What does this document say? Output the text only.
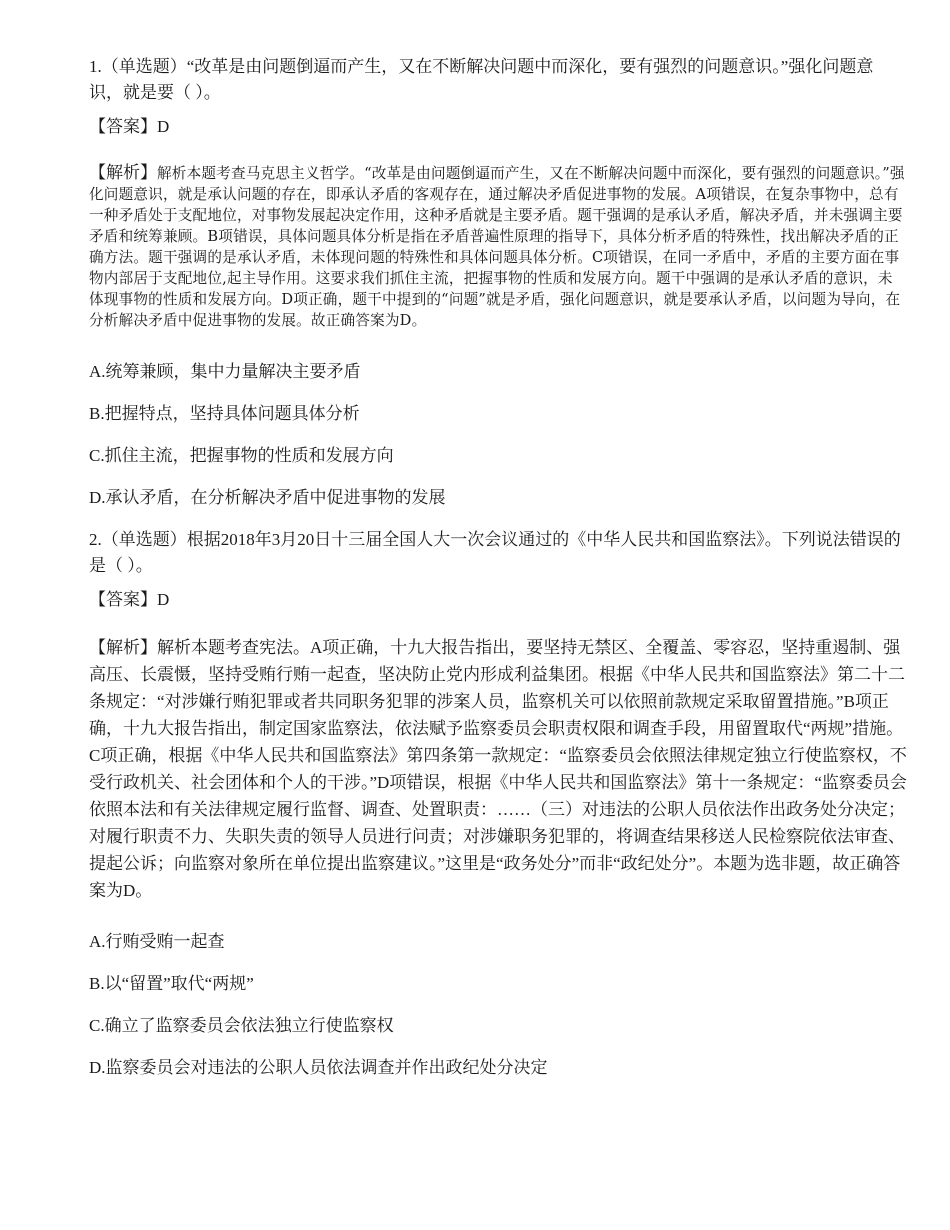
1.（单选题）“改革是由问题倒逼而产生，又在不断解决问题中而深化，要有强烈的问题意识。”强化问题意识，就是要（ ）。

【答案】D

【解析】解析本题考查马克思主义哲学。“改革是由问题倒逼而产生，又在不断解决问题中而深化，要有强烈的问题意识。”强化问题意识，就是承认问题的存在，即承认矛盾的客观存在，通过解决矛盾促进事物的发展。A项错误，在复杂事物中，总有一种矛盾处于支配地位，对事物发展起决定作用，这种矛盾就是主要矛盾。题干强调的是承认矛盾，解决矛盾，并未强调主要矛盾和统筹兼顾。B项错误，具体问题具体分析是指在矛盾普遍性原理的指导下，具体分析矛盾的特殊性，找出解决矛盾的正确方法。题干强调的是承认矛盾，未体现问题的特殊性和具体问题具体分析。C项错误，在同一矛盾中，矛盾的主要方面在事物内部居于支配地位,起主导作用。这要求我们抓住主流，把握事物的性质和发展方向。题干中强调的是承认矛盾的意识，未体现事物的性质和发展方向。D项正确，题干中提到的“问题”就是矛盾，强化问题意识，就是要承认矛盾，以问题为导向，在分析解决矛盾中促进事物的发展。故正确答案为D。

A.统筹兼顾，集中力量解决主要矛盾
B.把握特点，坚持具体问题具体分析
C.抓住主流，把握事物的性质和发展方向
D.承认矛盾，在分析解决矛盾中促进事物的发展

2.（单选题）根据2018年3月20日十三届全国人大一次会议通过的《中华人民共和国监察法》。下列说法错误的是（ ）。

【答案】D

【解析】解析本题考查宪法。A项正确，十九大报告指出，要坚持无禁区、全覆盖、零容忍，坚持重遏制、强高压、长震慑，坚持受贿行贿一起查，坚决防止党内形成利益集团。根据《中华人民共和国监察法》第二十二条规定：“对涉嫌行贿犯罪或者共同职务犯罪的涉案人员，监察机关可以依照前款规定采取留置措施。”B项正确，十九大报告指出，制定国家监察法，依法赋予监察委员会职责权限和调查手段，用留置取代“两规”措施。C项正确，根据《中华人民共和国监察法》第四条第一款规定：“监察委员会依照法律规定独立行使监察权，不受行政机关、社会团体和个人的干涉。”D项错误，根据《中华人民共和国监察法》第十一条规定：“监察委员会依照本法和有关法律规定履行监督、调查、处置职责：……（三）对违法的公职人员依法作出政务处分决定；对履行职责不力、失职失责的领导人员进行问责；对涉嫌职务犯罪的，将调查结果移送人民检察院依法审查、提起公诉；向监察对象所在单位提出监察建议。”这里是“政务处分”而非“政纪处分”。本题为选非题，故正确答案为D。

A.行贿受贿一起查
B.以“留置”取代“两规”
C.确立了监察委员会依法独立行使监察权
D.监察委员会对违法的公职人员依法调查并作出政纪处分决定
